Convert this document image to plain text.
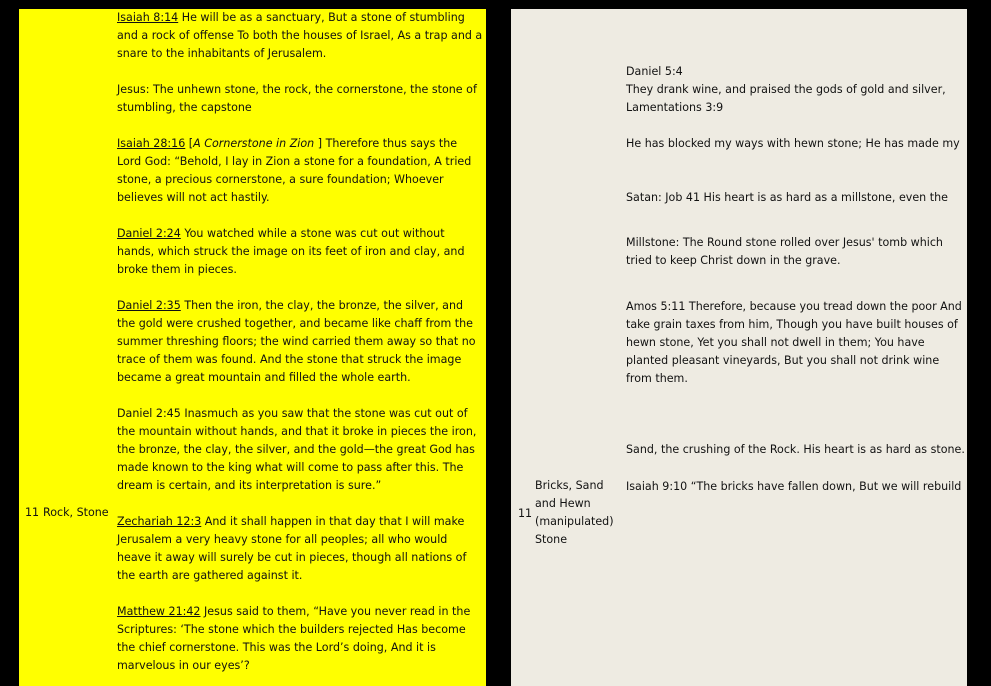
11 Rock, Stone

Isaiah 8:14 He will be as a sanctuary, But a stone of stumbling and a rock of offense To both the houses of Israel, As a trap and a snare to the inhabitants of Jerusalem.

Jesus: The unhewn stone, the rock, the cornerstone, the stone of stumbling, the capstone

Isaiah 28:16 [A Cornerstone in Zion ] Therefore thus says the Lord God: “Behold, I lay in Zion a stone for a foundation, A tried stone, a precious cornerstone, a sure foundation; Whoever believes will not act hastily.

Daniel 2:24 You watched while a stone was cut out without hands, which struck the image on its feet of iron and clay, and broke them in pieces.

Daniel 2:35 Then the iron, the clay, the bronze, the silver, and the gold were crushed together, and became like chaff from the summer threshing floors; the wind carried them away so that no trace of them was found. And the stone that struck the image became a great mountain and filled the whole earth.

Daniel 2:45 Inasmuch as you saw that the stone was cut out of the mountain without hands, and that it broke in pieces the iron, the bronze, the clay, the silver, and the gold—the great God has made known to the king what will come to pass after this. The dream is certain, and its interpretation is sure.”

Zechariah 12:3 And it shall happen in that day that I will make Jerusalem a very heavy stone for all peoples; all who would heave it away will surely be cut in pieces, though all nations of the earth are gathered against it.

Matthew 21:42 Jesus said to them, “Have you never read in the Scriptures: ‘The stone which the builders rejected Has become the chief cornerstone. This was the Lord’s doing, And it is marvelous in our eyes’?

11
Bricks, Sand and Hewn (manipulated) Stone
Daniel 5:4
They drank wine, and praised the gods of gold and silver,
Lamentations 3:9
He has blocked my ways with hewn stone; He has made my
Satan: Job 41 His heart is as hard as a millstone, even the
Millstone: The Round stone rolled over Jesus' tomb which tried to keep Christ down in the grave.
Amos 5:11 Therefore, because you tread down the poor And take grain taxes from him, Though you have built houses of hewn stone, Yet you shall not dwell in them; You have planted pleasant vineyards, But you shall not drink wine from them.
Sand, the crushing of the Rock. His heart is as hard as stone.
Isaiah 9:10 “The bricks have fallen down, But we will rebuild
